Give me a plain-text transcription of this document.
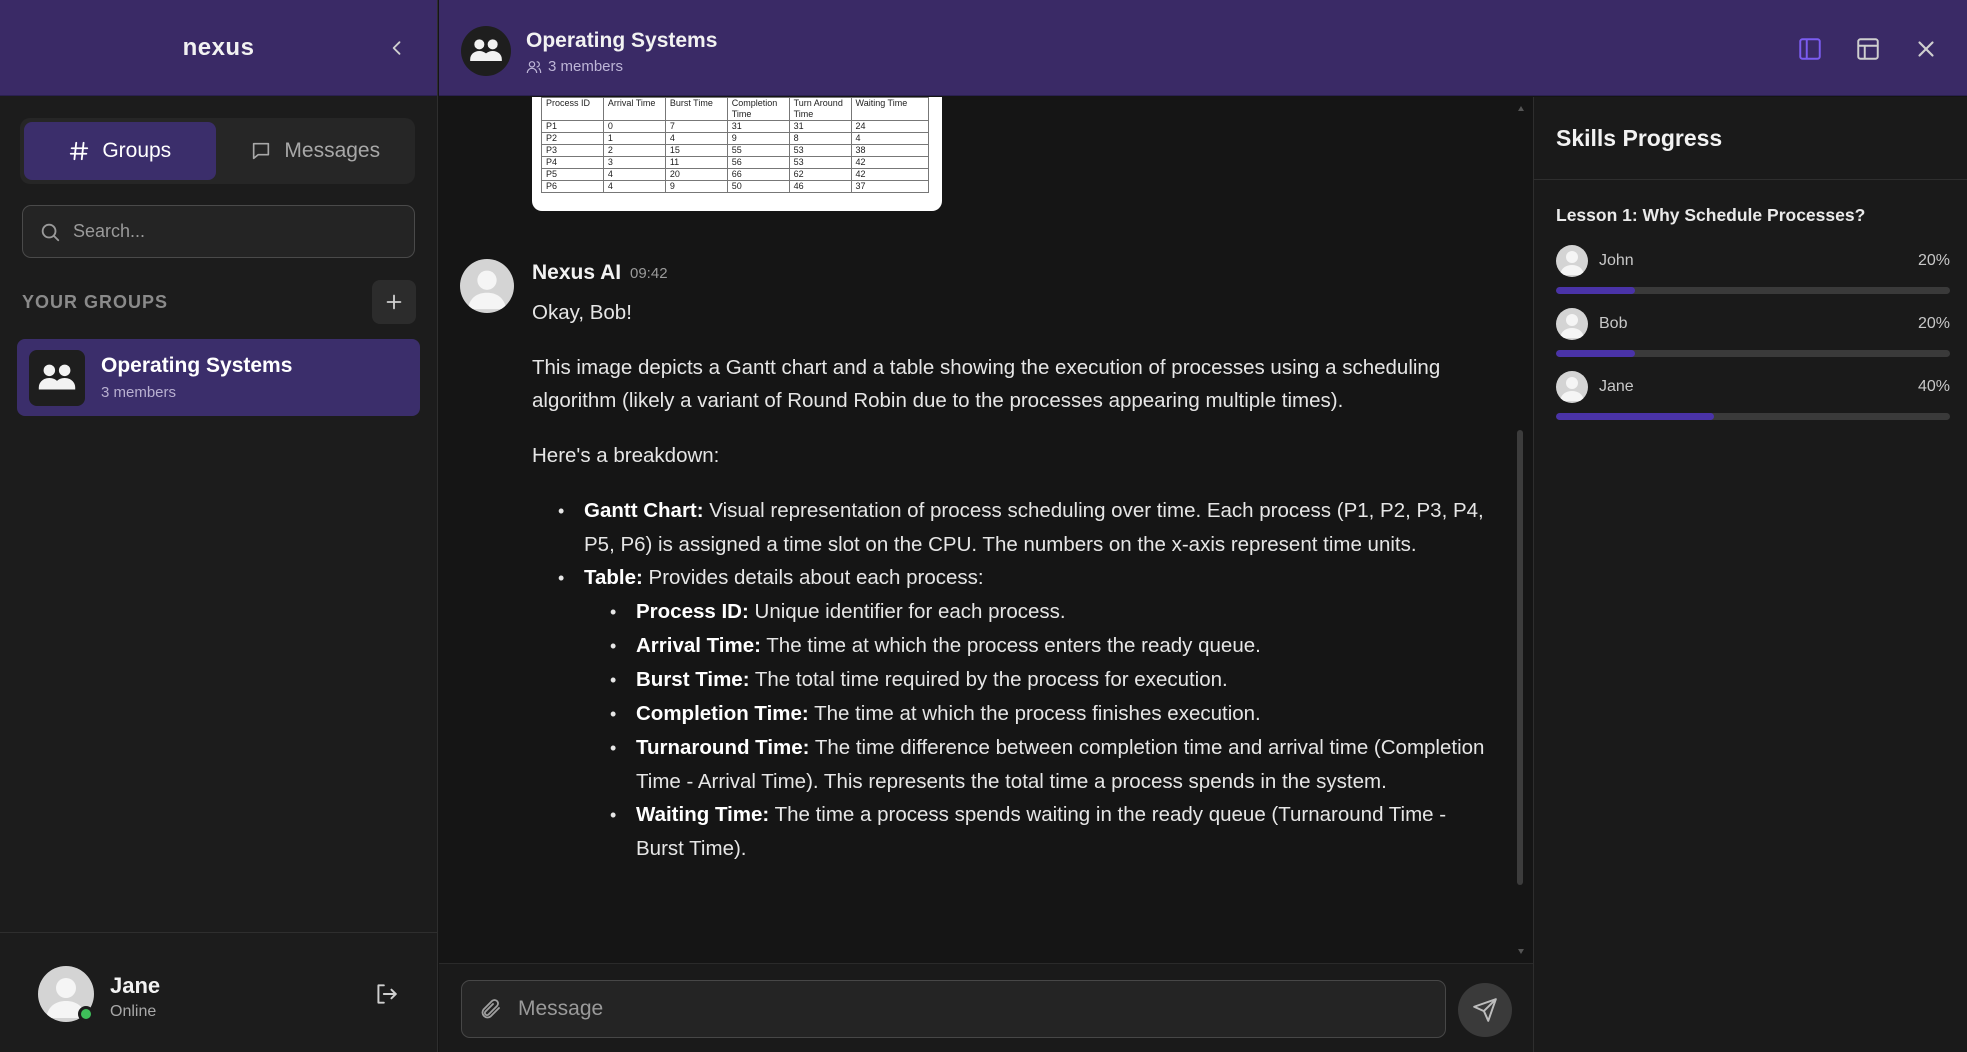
nexus
Groups	Messages
Search...
YOUR GROUPS
Operating Systems
3 members
Jane
Online
Operating Systems
3 members
Process ID	Arrival Time	Burst Time	Completion Time	Turn Around Time	Waiting Time
P1	0	7	31	31	24
P2	1	4	9	8	4
P3	2	15	55	53	38
P4	3	11	56	53	42
P5	4	20	66	62	42
P6	4	9	50	46	37
Nexus AI 09:42

Okay, Bob!

This image depicts a Gantt chart and a table showing the execution of processes using a scheduling algorithm (likely a variant of Round Robin due to the processes appearing multiple times).

Here's a breakdown:

• Gantt Chart: Visual representation of process scheduling over time. Each process (P1, P2, P3, P4, P5, P6) is assigned a time slot on the CPU. The numbers on the x-axis represent time units.
• Table: Provides details about each process:
• Process ID: Unique identifier for each process.
• Arrival Time: The time at which the process enters the ready queue.
• Burst Time: The total time required by the process for execution.
• Completion Time: The time at which the process finishes execution.
• Turnaround Time: The time difference between completion time and arrival time (Completion Time - Arrival Time). This represents the total time a process spends in the system.
• Waiting Time: The time a process spends waiting in the ready queue (Turnaround Time - Burst Time).
Message
Skills Progress
Lesson 1: Why Schedule Processes?
John	20%
Bob	20%
Jane	40%
